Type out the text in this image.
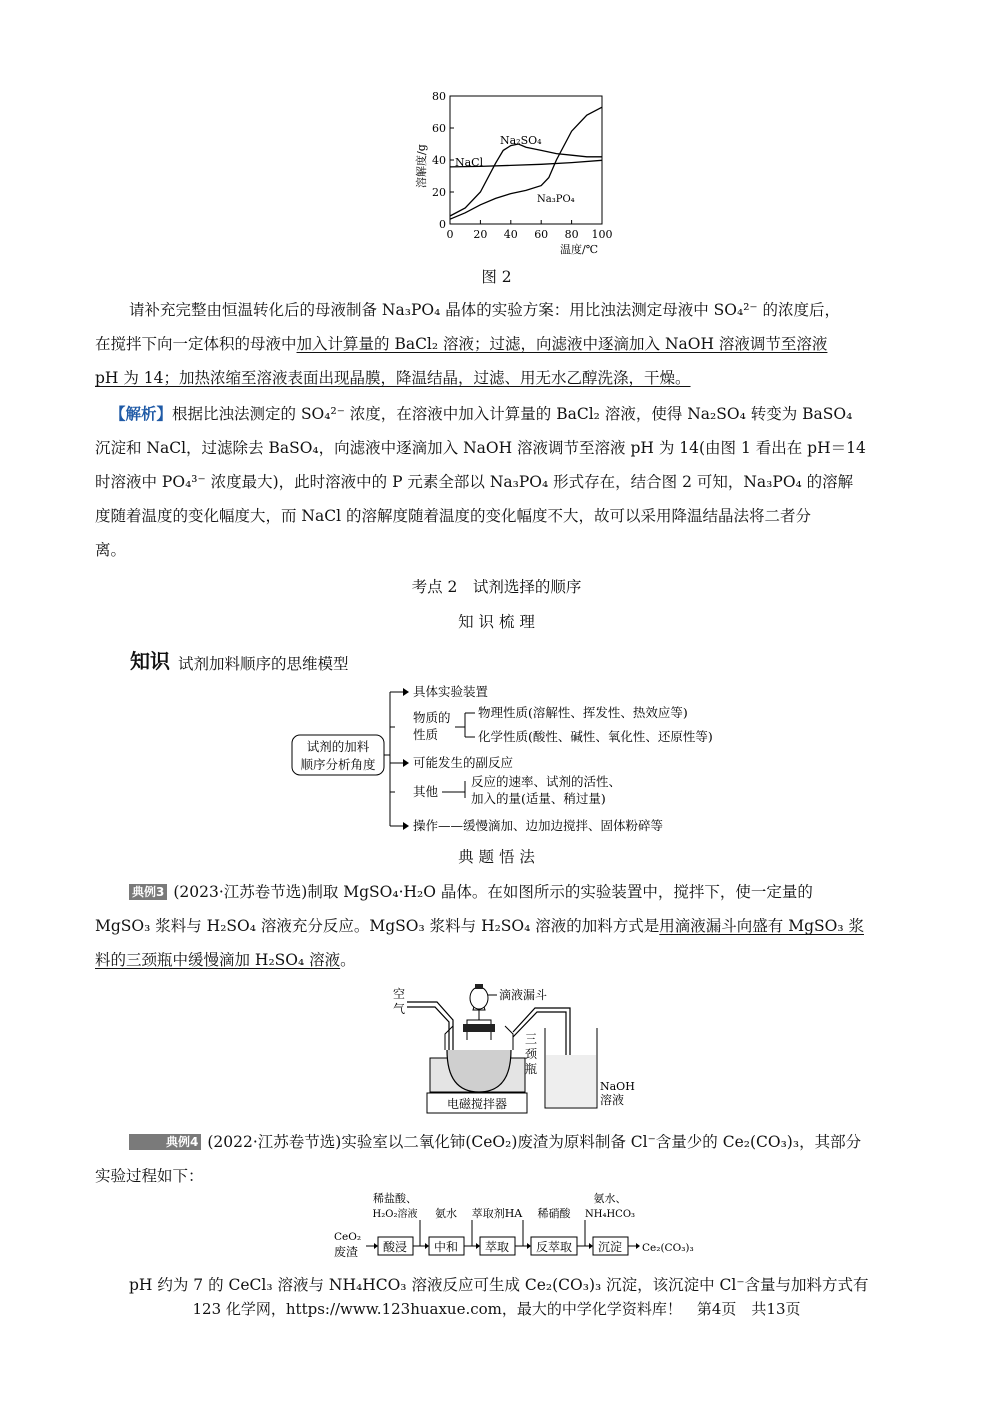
0
20
40
60
80
0 20 40 60 80 100
Na₂SO₄
NaCl
Na₃PO₄
溶解度/g
温度/℃
图 2
请补充完整由恒温转化后的母液制备 Na₃PO₄ 晶体的实验方案：用比浊法测定母液中 SO₄²⁻ 的浓度后，
在搅拌下向一定体积的母液中加入计算量的 BaCl₂ 溶液；过滤，向滤液中逐滴加入 NaOH 溶液调节至溶液
pH 为 14；加热浓缩至溶液表面出现晶膜，降温结晶，过滤、用无水乙醇洗涤，干燥。
【解析】根据比浊法测定的 SO₄²⁻ 浓度，在溶液中加入计算量的 BaCl₂ 溶液，使得 Na₂SO₄ 转变为 BaSO₄
沉淀和 NaCl，过滤除去 BaSO₄，向滤液中逐滴加入 NaOH 溶液调节至溶液 pH 为 14(由图 1 看出在 pH＝14
时溶液中 PO₄³⁻ 浓度最大)，此时溶液中的 P 元素全部以 Na₃PO₄ 形式存在，结合图 2 可知，Na₃PO₄ 的溶解
度随着温度的变化幅度大，而 NaCl 的溶解度随着温度的变化幅度不大，故可以采用降温结晶法将二者分
离。
考点 2　试剂选择的顺序
知 识 梳 理
知识 试剂加料顺序的思维模型
试剂的加料
顺序分析角度
具体实验装置
物质的
性质
物理性质(溶解性、挥发性、热效应等)
化学性质(酸性、碱性、氧化性、还原性等)
可能发生的副反应
其他
反应的速率、试剂的活性、
加入的量(适量、稍过量)
操作——缓慢滴加、边加边搅拌、固体粉碎等
典 题 悟 法
典例3 (2023·江苏卷节选)制取 MgSO₄·H₂O 晶体。在如图所示的实验装置中，搅拌下，使一定量的
MgSO₃ 浆料与 H₂SO₄ 溶液充分反应。MgSO₃ 浆料与 H₂SO₄ 溶液的加料方式是用滴液漏斗向盛有 MgSO₃ 浆
料的三颈瓶中缓慢滴加 H₂SO₄ 溶液。
空
气
滴液漏斗
三
颈
瓶
电磁搅拌器
NaOH
溶液
典例4 (2022·江苏卷节选)实验室以二氧化铈(CeO₂)废渣为原料制备 Cl⁻含量少的 Ce₂(CO₃)₃，其部分
实验过程如下：
CeO₂
废渣 酸浸 中和 萃取 反萃取 沉淀
稀盐酸、
H₂O₂溶液 氨水 萃取剂HA 稀硝酸
氨水、
NH₄HCO₃
Ce₂(CO₃)₃
pH 约为 7 的 CeCl₃ 溶液与 NH₄HCO₃ 溶液反应可生成 Ce₂(CO₃)₃ 沉淀，该沉淀中 Cl⁻含量与加料方式有
123 化学网，https://www.123huaxue.com，最大的中学化学资料库！　第4页　共13页
